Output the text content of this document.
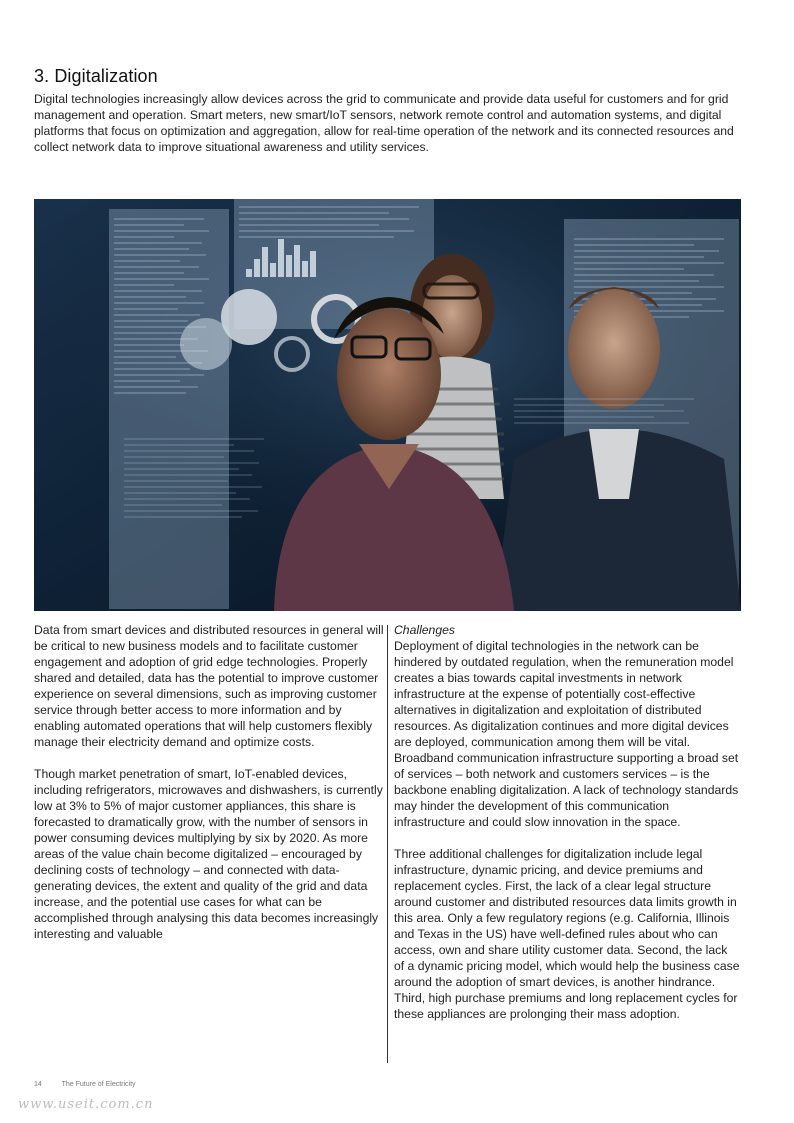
3. Digitalization
Digital technologies increasingly allow devices across the grid to communicate and provide data useful for customers and for grid management and operation. Smart meters, new smart/IoT sensors, network remote control and automation systems, and digital platforms that focus on optimization and aggregation, allow for real-time operation of the network and its connected resources and collect network data to improve situational awareness and utility services.

Data from smart devices and distributed resources in general will be critical to new business models and to facilitate customer engagement and adoption of grid edge technologies. Properly shared and detailed, data has the potential to improve customer experience on several dimensions, such as improving customer service through better access to more information and by enabling automated operations that will help customers flexibly manage their electricity demand and optimize costs.

Though market penetration of smart, IoT-enabled devices, including refrigerators, microwaves and dishwashers, is currently low at 3% to 5% of major customer appliances, this share is forecasted to dramatically grow, with the number of sensors in power consuming devices multiplying by six by 2020. As more areas of the value chain become digitalized – encouraged by declining costs of technology – and connected with data-generating devices, the extent and quality of the grid and data increase, and the potential use cases for what can be accomplished through analysing this data becomes increasingly interesting and valuable

Challenges

Deployment of digital technologies in the network can be hindered by outdated regulation, when the remuneration model creates a bias towards capital investments in network infrastructure at the expense of potentially cost-effective alternatives in digitalization and exploitation of distributed resources. As digitalization continues and more digital devices are deployed, communication among them will be vital. Broadband communication infrastructure supporting a broad set of services – both network and customers services – is the backbone enabling digitalization. A lack of technology standards may hinder the development of this communication infrastructure and could slow innovation in the space.

Three additional challenges for digitalization include legal infrastructure, dynamic pricing, and device premiums and replacement cycles. First, the lack of a clear legal structure around customer and distributed resources data limits growth in this area. Only a few regulatory regions (e.g. California, Illinois and Texas in the US) have well-defined rules about who can access, own and share utility customer data. Second, the lack of a dynamic pricing model, which would help the business case around the adoption of smart devices, is another hindrance. Third, high purchase premiums and long replacement cycles for these appliances are prolonging their mass adoption.

14	The Future of Electricity
www.useit.com.cn
